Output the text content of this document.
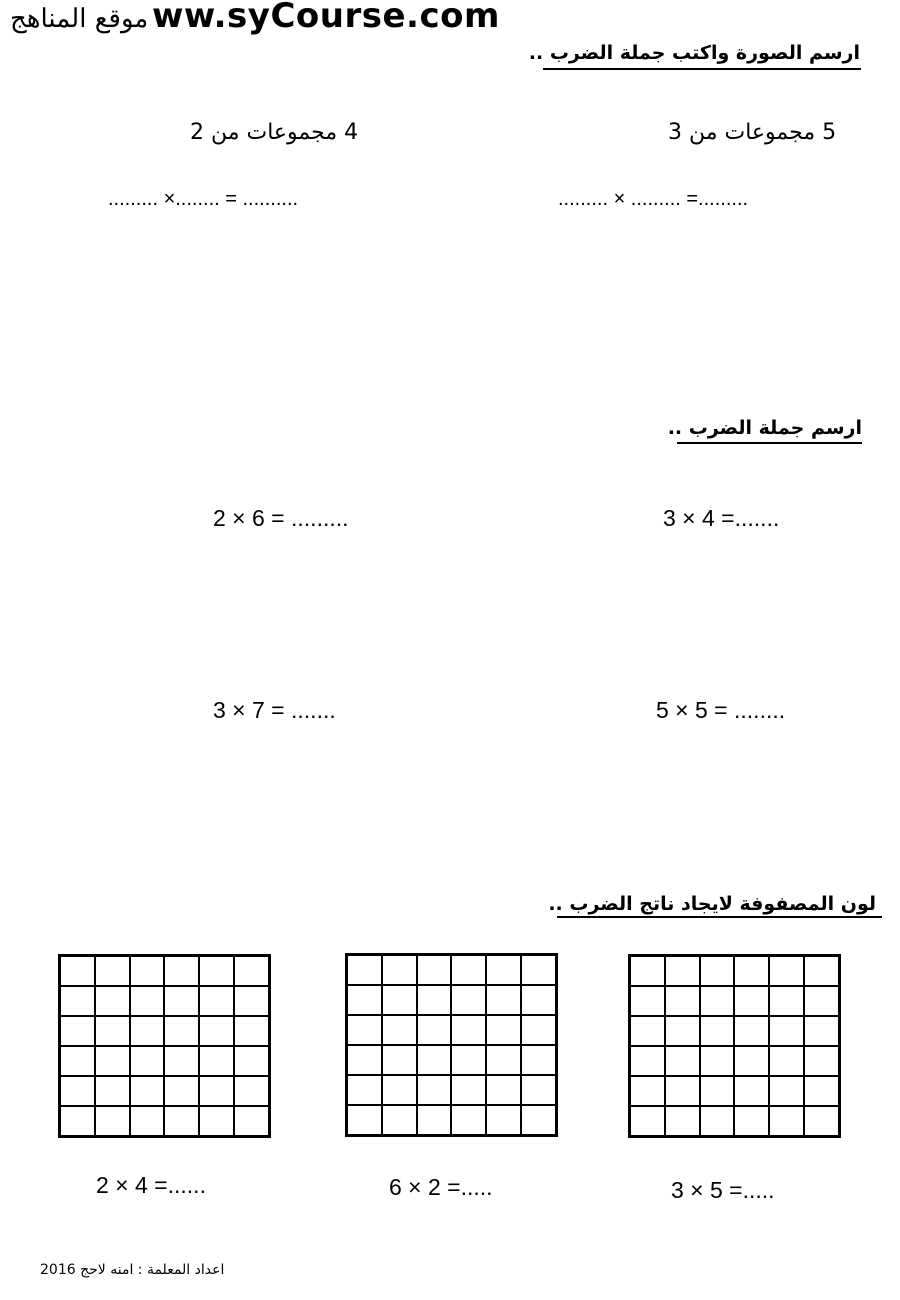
موقع المناهج ww.syCourse.com
ارسم الصورة واكتب جملة الضرب ..
5 مجموعات من 3
4 مجموعات من 2
......... × ......... =.........
......... ×........ = ..........
ارسم جملة الضرب ..
3 × 4 =.......
2 × 6 = .........
5 × 5 = ........
3 × 7 = .......
لون المصفوفة لايجاد ناتج الضرب ..
2 × 4 =......	6 × 2 =.....	3 × 5 =.....
اعداد المعلمة : امنه لاحج 2016
